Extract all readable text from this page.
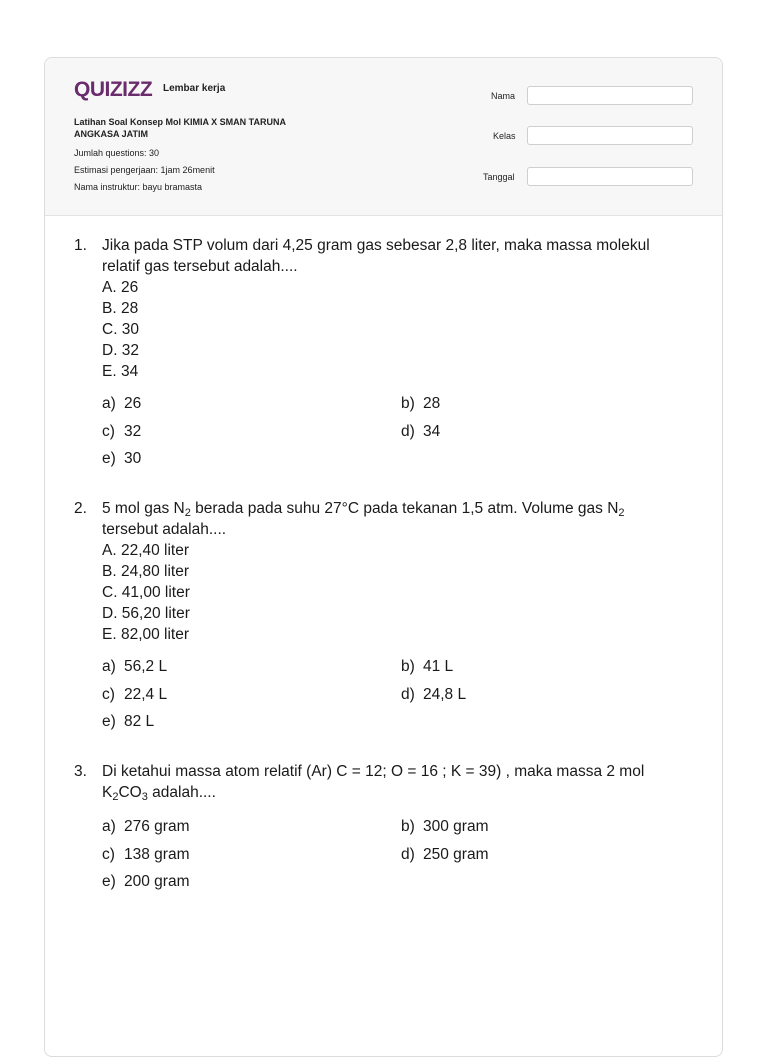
QUIZIZZ Lembar kerja
Latihan Soal Konsep Mol KIMIA X SMAN TARUNA ANGKASA JATIM
Jumlah questions: 30
Estimasi pengerjaan: 1jam 26menit
Nama instruktur: bayu bramasta
Nama
Kelas
Tanggal
1. Jika pada STP volum dari 4,25 gram gas sebesar 2,8 liter, maka massa molekul relatif gas tersebut adalah....
A. 26
B. 28
C. 30
D. 32
E. 34
a) 26	b) 28
c) 32	d) 34
e) 30
2. 5 mol gas $N_2$ berada pada suhu 27°C pada tekanan 1,5 atm. Volume gas $N_2$ tersebut adalah....
A. 22,40 liter
B. 24,80 liter
C. 41,00 liter
D. 56,20 liter
E. 82,00 liter
a) 56,2 L	b) 41 L
c) 22,4 L	d) 24,8 L
e) 82 L
3. Di ketahui massa atom relatif (Ar) C = 12; O = 16 ; K = 39) , maka massa 2 mol $K_2CO_3$ adalah....
a) 276 gram	b) 300 gram
c) 138 gram	d) 250 gram
e) 200 gram
